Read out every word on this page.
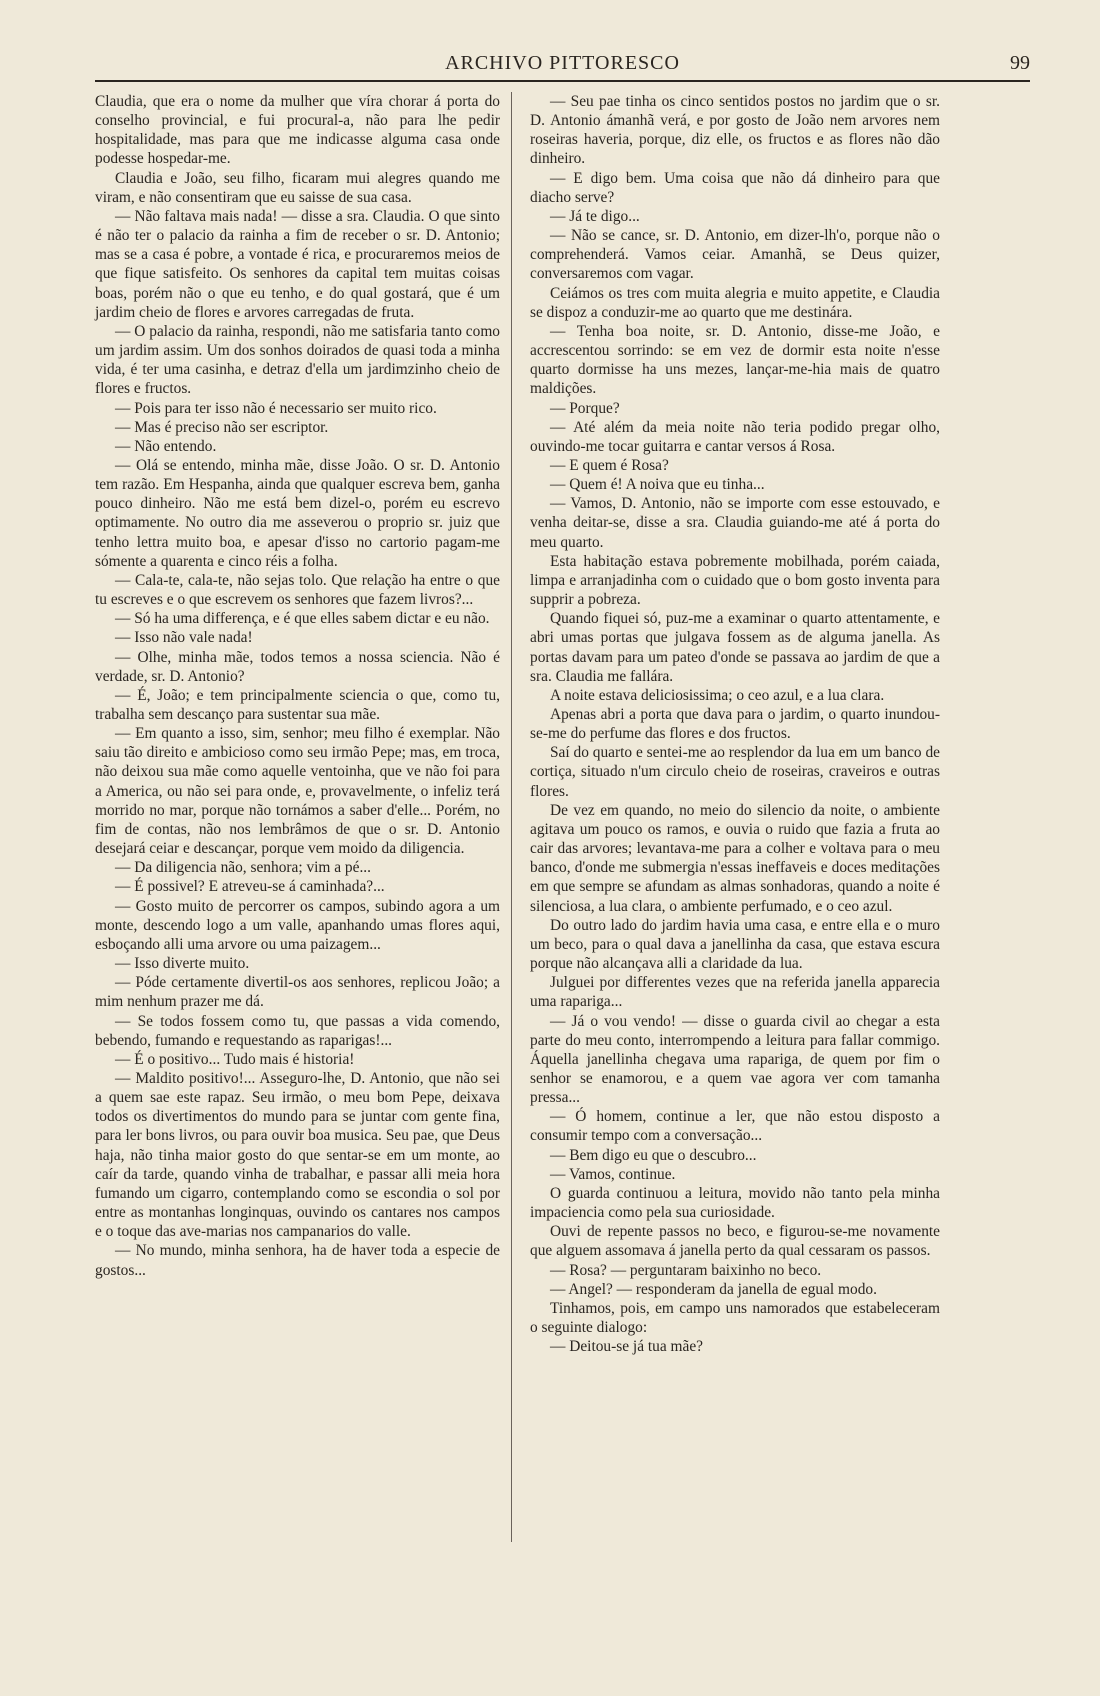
ARCHIVO PITTORESCO	99

Claudia, que era o nome da mulher que víra chorar á porta do conselho provincial, e fui procural-a, não para lhe pedir hospitalidade, mas para que me indicasse alguma casa onde podesse hospedar-me.

Claudia e João, seu filho, ficaram mui alegres quando me viram, e não consentiram que eu saisse de sua casa.

— Não faltava mais nada! — disse a sra. Claudia. O que sinto é não ter o palacio da rainha a fim de receber o sr. D. Antonio; mas se a casa é pobre, a vontade é rica, e procuraremos meios de que fique satisfeito. Os senhores da capital tem muitas coisas boas, porém não o que eu tenho, e do qual gostará, que é um jardim cheio de flores e arvores carregadas de fruta.

— O palacio da rainha, respondi, não me satisfaria tanto como um jardim assim. Um dos sonhos doirados de quasi toda a minha vida, é ter uma casinha, e detraz d'ella um jardimzinho cheio de flores e fructos.

— Pois para ter isso não é necessario ser muito rico.

— Mas é preciso não ser escriptor.

— Não entendo.

— Olá se entendo, minha mãe, disse João. O sr. D. Antonio tem razão. Em Hespanha, ainda que qualquer escreva bem, ganha pouco dinheiro. Não me está bem dizel-o, porém eu escrevo optimamente. No outro dia me asseverou o proprio sr. juiz que tenho lettra muito boa, e apesar d'isso no cartorio pagam-me sómente a quarenta e cinco réis a folha.

— Cala-te, cala-te, não sejas tolo. Que relação ha entre o que tu escreves e o que escrevem os senhores que fazem livros?...

— Só ha uma differença, e é que elles sabem dictar e eu não.

— Isso não vale nada!

— Olhe, minha mãe, todos temos a nossa sciencia. Não é verdade, sr. D. Antonio?

— É, João; e tem principalmente sciencia o que, como tu, trabalha sem descanço para sustentar sua mãe.

— Em quanto a isso, sim, senhor; meu filho é exemplar. Não saiu tão direito e ambicioso como seu irmão Pepe; mas, em troca, não deixou sua mãe como aquelle ventoinha, que ve não foi para a America, ou não sei para onde, e, provavelmente, o infeliz terá morrido no mar, porque não tornámos a saber d'elle... Porém, no fim de contas, não nos lembrâmos de que o sr. D. Antonio desejará ceiar e descançar, porque vem moido da diligencia.

— Da diligencia não, senhora; vim a pé...

— É possivel? E atreveu-se á caminhada?...

— Gosto muito de percorrer os campos, subindo agora a um monte, descendo logo a um valle, apanhando umas flores aqui, esboçando alli uma arvore ou uma paizagem...

— Isso diverte muito.

— Póde certamente divertil-os aos senhores, replicou João; a mim nenhum prazer me dá.

— Se todos fossem como tu, que passas a vida comendo, bebendo, fumando e requestando as raparigas!...

— É o positivo... Tudo mais é historia!

— Maldito positivo!... Asseguro-lhe, D. Antonio, que não sei a quem saе este rapaz. Seu irmão, o meu bom Pepe, deixava todos os divertimentos do mundo para se juntar com gente fina, para ler bons livros, ou para ouvir boa musica. Seu pae, que Deus haja, não tinha maior gosto do que sentar-se em um monte, ao caír da tarde, quando vinha de trabalhar, e passar alli meia hora fumando um cigarro, contemplando como se escondia o sol por entre as montanhas longinquas, ouvindo os cantares nos campos e o toque das ave-marias nos campanarios do valle.

— No mundo, minha senhora, ha de haver toda a especie de gostos...

— Seu pae tinha os cinco sentidos postos no jardim que o sr. D. Antonio ámanhã verá, e por gosto de João nem arvores nem roseiras haveria, porque, diz elle, os fructos e as flores não dão dinheiro.

— E digo bem. Uma coisa que não dá dinheiro para que diacho serve?

— Já te digo...

— Não se cance, sr. D. Antonio, em dizer-lh'o, porque não o comprehenderá. Vamos ceiar. Amanhã, se Deus quizer, conversaremos com vagar.

Ceiámos os tres com muita alegria e muito appetite, e Claudia se dispoz a conduzir-me ao quarto que me destinára.

— Tenha boa noite, sr. D. Antonio, disse-me João, e accrescentou sorrindo: se em vez de dormir esta noite n'esse quarto dormisse ha uns mezes, lançar-me-hia mais de quatro maldições.

— Porque?

— Até além da meia noite não teria podido pregar olho, ouvindo-me tocar guitarra e cantar versos á Rosa.

— E quem é Rosa?

— Quem é! A noiva que eu tinha...

— Vamos, D. Antonio, não se importe com esse estouvado, e venha deitar-se, disse a sra. Claudia guiando-me até á porta do meu quarto.

Esta habitação estava pobremente mobilhada, porém caiada, limpa e arranjadinha com o cuidado que o bom gosto inventa para supprir a pobreza.

Quando fiquei só, puz-me a examinar o quarto attentamente, e abri umas portas que julgava fossem as de alguma janella. As portas davam para um pateo d'onde se passava ao jardim de que a sra. Claudia me fallára.

A noite estava deliciosissima; o ceo azul, e a lua clara.

Apenas abri a porta que dava para o jardim, o quarto inundou-se-me do perfume das flores e dos fructos.

Saí do quarto e sentei-me ao resplendor da lua em um banco de cortiça, situado n'um circulo cheio de roseiras, craveiros e outras flores.

De vez em quando, no meio do silencio da noite, o ambiente agitava um pouco os ramos, e ouvia o ruido que fazia a fruta ao cair das arvores; levantava-me para a colher e voltava para o meu banco, d'onde me submergia n'essas ineffaveis e doces meditações em que sempre se afundam as almas sonhadoras, quando a noite é silenciosa, a lua clara, o ambiente perfumado, e o ceo azul.

Do outro lado do jardim havia uma casa, e entre ella e o muro um beco, para o qual dava a janellinha da casa, que estava escura porque não alcançava alli a claridade da lua.

Julguei por differentes vezes que na referida janella apparecia uma rapariga...

— Já o vou vendo! — disse o guarda civil ao chegar a esta parte do meu conto, interrompendo a leitura para fallar commigo. Áquella janellinha chegava uma rapariga, de quem por fim o senhor se enamorou, e a quem vae agora ver com tamanha pressa...

— Ó homem, continue a ler, que não estou disposto a consumir tempo com a conversação...

— Bem digo eu que o descubro...

— Vamos, continue.

O guarda continuou a leitura, movido não tanto pela minha impaciencia como pela sua curiosidade.

Ouvi de repente passos no beco, e figurou-se-me novamente que alguem assomava á janella perto da qual cessaram os passos.

— Rosa? — perguntaram baixinho no beco.

— Angel? — responderam da janella de egual modo.

Tinhamos, pois, em campo uns namorados que estabeleceram o seguinte dialogo:

— Deitou-se já tua mãe?
